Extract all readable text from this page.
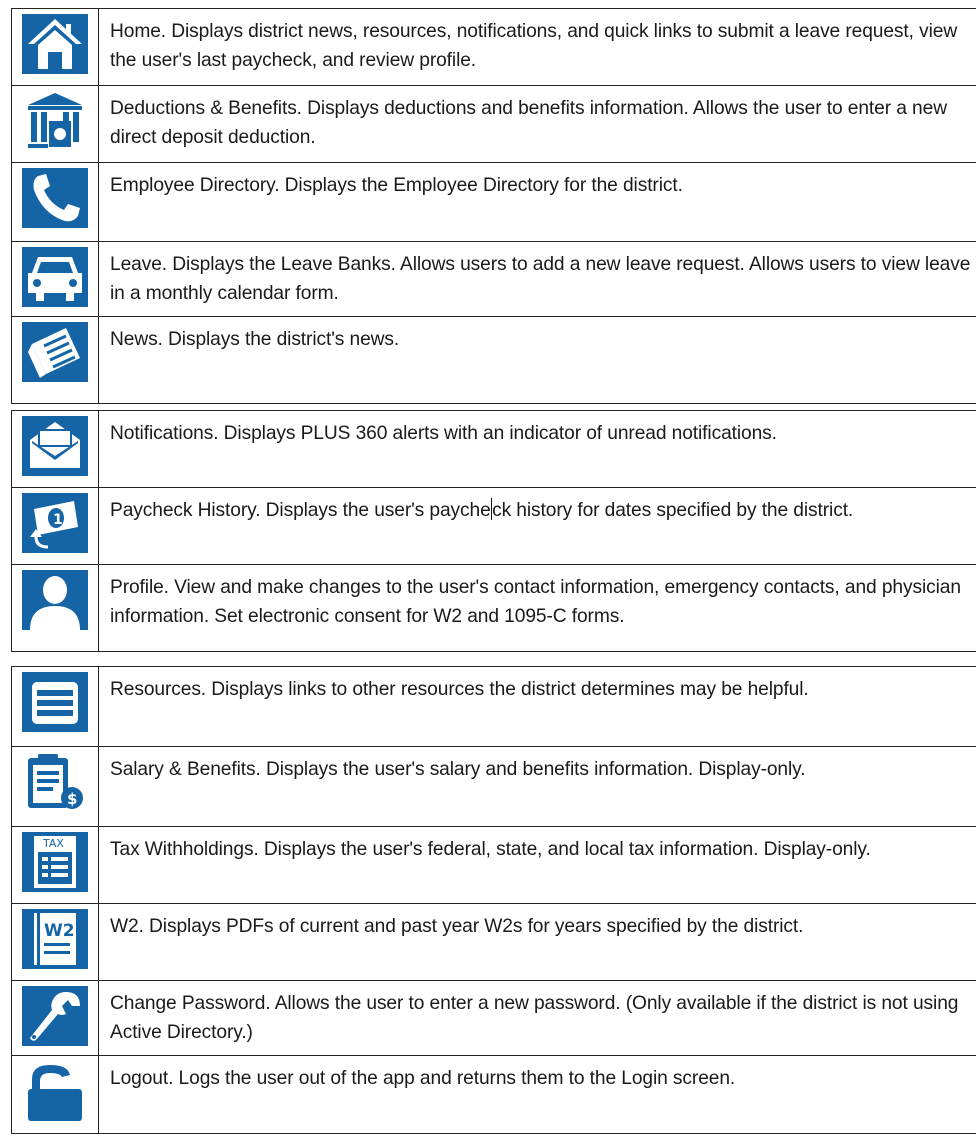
	Home. Displays district news, resources, notifications, and quick links to submit a leave request, view the user's last paycheck, and review profile.

	Deductions & Benefits. Displays deductions and benefits information. Allows the user to enter a new direct deposit deduction.

	Employee Directory. Displays the Employee Directory for the district.

	Leave. Displays the Leave Banks. Allows users to add a new leave request. Allows users to view leave in a monthly calendar form.

	News. Displays the district's news.
	Notifications. Displays PLUS 360 alerts with an indicator of unread notifications.

1	Paycheck History. Displays the user's paycheck history for dates specified by the district.

	Profile. View and make changes to the user's contact information, emergency contacts, and physician information. Set electronic consent for W2 and 1095-C forms.
	Resources. Displays links to other resources the district determines may be helpful.

$	Salary & Benefits. Displays the user's salary and benefits information. Display-only.

TAX	Tax Withholdings. Displays the user's federal, state, and local tax information. Display-only.

W2	W2. Displays PDFs of current and past year W2s for years specified by the district.

	Change Password. Allows the user to enter a new password. (Only available if the district is not using Active Directory.)

	Logout. Logs the user out of the app and returns them to the Login screen.
